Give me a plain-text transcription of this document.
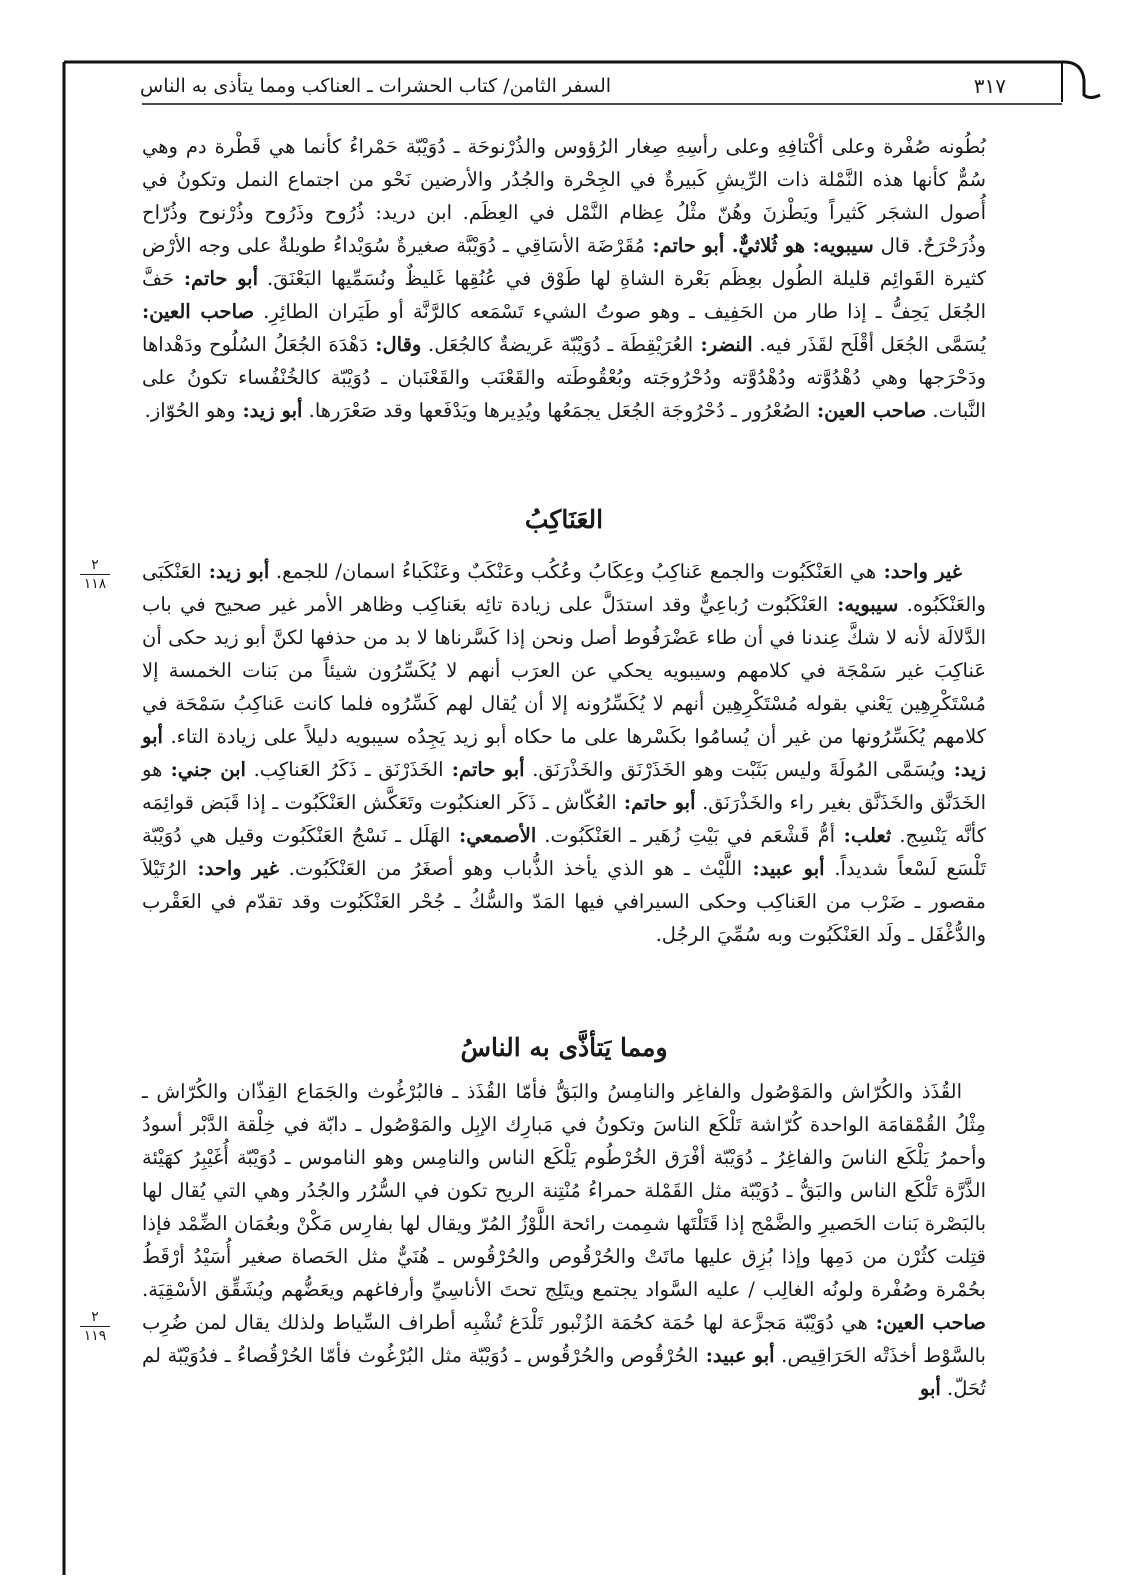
٣١٧
السفر الثامن/ كتاب الحشرات ـ العناكب ومما يتأذى به الناس

بُطُونه صُفْرة وعلى أكْتافِهِ وعلى رأسِهِ صِغار الرُؤوس والذُرْنوحَة ـ دُوَيْبّة حَمْراءُ كأنما هي قَطْرة دم وهي سُمٌّ كأنها هذه النَّمْلة ذات الرِّيشِ كَبيرةٌ في الجِحْرة والجُدُر والأرضين نَحْو من اجتماع النمل وتكونُ في أُصول الشجَر كَثيراً ويَطْزنَ وهُنّ مثْلُ عِظام النَّمْل في العِظَم. ابن دريد: ذُرُوح وذَرُوح وذُرْنوح وذُرّاح وذُرَحْرَحٌ. قال سيبويه: هو ثُلاثيٌّ. أبو حاتم: مُقَرْضَة الأسَاقِي ـ دُوَيْبَّة صغيرةٌ سُوَيْداءُ طويلةٌ على وجه الأرْض كثيرة القَوائِم قليلة الطُول بعِظَم بَعْرة الشاةِ لها طَوْق في عُنُقِها غَليظٌ ونُسَمِّيها البَعْنَقَ. أبو حاتم: حَفَّ الجُعَل يَحِفُّ ـ إذا طار من الحَفِيف ـ وهو صوتُ الشيء تَسْمَعه كالرَّنَّة أو طَيَران الطائِرِ. صاحب العين: يُسَمَّى الجُعَل أقْلَح لقَذَر فيه. النضر: العُرَيْقِطَة ـ دُوَيْبّة عَريضةٌ كالجُعَل. وقال: دَهْدَهَ الجُعَلُ السُلُوح ودَهْداها ودَحْرَجها وهي دُهْدُوَّته ودُهْدُوَّته ودُحْرُوجَته وبُعْقُوطَته والقَعْنَب والقَعْنَبان ـ دُوَيْبّة كالخُنْفُساء تكونُ على النَّبات. صاحب العين: الصُعْرُور ـ دُحْرُوجَة الجُعَل يجمَعُها ويُدِيرها ويَدْفَعها وقد صَعْرَرها. أبو زيد: وهو الحُوّاز.

العَنَاكِبُ
٢
١١٨

غير واحد: هي العَنْكَبُوت والجمع عَناكِبُ وعِكَابُ وعُكُب وعَنْكَبٌ وعَنْكَباءُ اسمان/ للجمع. أبو زيد: العَنْكَبَى والعَنْكَبُوه. سيبويه: العَنْكَبُوت رُباعِيٌّ وقد استدَلَّ على زيادة تائِه بعَناكِب وظاهر الأمر غير صحيح في باب الدَّلالَة لأنه لا شكَّ عِندنا في أن طاء عَضْرَفُوط أصل ونحن إذا كَسَّرناها لا بد من حذفها لكنَّ أبو زيد حكى أن عَناكِبَ غير سَمْجَة في كلامهم وسيبويه يحكي عن العرَب أنهم لا يُكَسِّرُون شيئاً من بَنات الخمسة إلا مُسْتَكْرِهِين يَعْني بقوله مُسْتَكْرِهِين أنهم لا يُكَسِّرُونه إلا أن يُقال لهم كَسِّرُوه فلما كانت عَناكِبُ سَمْحَة في كلامهم يُكَسِّرُونها من غير أن يُسامُوا بكَسْرها على ما حكاه أبو زيد يَجِدُه سيبويه دليلاً على زيادة التاء. أبو زيد: ويُسَمَّى المُولَةَ وليس بَثَبْت وهو الخَذَرْنَق والخَذْرَنَق. أبو حاتم: الخَذَرْنَق ـ ذَكَرُ العَناكِب. ابن جني: هو الخَدَنَّق والخَذَنَّق بغير راء والخَذْرَنَق. أبو حاتم: العُكّاش ـ ذَكَر العنكبُوت وتَعَكَّش العَنْكَبُوت ـ إذا قَبَض قوائِمَه كأنَّه يَنْسِج. ثعلب: أمُّ قَشْعَم في بَيْتِ زُهَير ـ العَنْكَبُوت. الأصمعي: الهَلَل ـ نَسْجُ العَنْكَبُوت وقيل هي دُوَيْبّة تَلْسَع لَسْعاً شديداً. أبو عبيد: اللَّيْث ـ هو الذي يأخذ الذُّباب وهو أصغَرُ من العَنْكَبُوت. غير واحد: الرُتَيْلاَ مقصور ـ ضَرْب من العَناكِب وحكى السيرافي فيها المَدّ والسُّكُ ـ جُحْر العَنْكَبُوت وقد تقدّم في العَقْرب والدُّغْفَل ـ ولَد العَنْكَبُوت وبه سُمِّيَ الرجُل.

ومما يَتأذَّى به الناسُ
٢
١١٩

القُذَذ والكُرّاش والمَوْصُول والفاغِر والنامِسُ والبَقُّ فأمّا القُذَذ ـ فالبُرْغُوث والجَمَاع القِذّان والكُرّاش ـ مِثْلُ القُمْقامَة الواحدة كُرّاشة تَلْكَع الناسَ وتكونُ في مَبارِك الإبِل والمَوْصُول ـ دابّة في خِلْقة الدَّبْر أسودُ وأحمرُ يَلْكَع الناسَ والفاغِرُ ـ دُوَيْبّة أفْرَق الخُرْطُوم يَلْكَع الناس والنامِس وهو الناموس ـ دُوَيْبّة أُغَيْبِرُ كهَيْئة الذَّرَّة تَلْكَع الناس والبَقُّ ـ دُوَيْبّة مثل القَمْلة حمراءُ مُنْتِنة الريح تكون في السُّرُر والجُدُر وهي التي يُقال لها بالبَصْرة بَنات الحَصيرِ والضَّمْج إذا قَتَلْتَها شمِمت رائحة اللَّوْزُ المُرّ ويقال لها بفارِس مَكْنْ وبعُمَان الضِّمْد فإذا قتِلت كثُرْن من دَمِها وإذا بُزِق عليها ماتَتْ والحُرْقُوص والحُرْقُوس ـ هُنَيٌّ مثل الحَصاة صغير أُسَيْدُ أرْقَطُ بحُمْرة وصُفْرة ولونُه الغالِب / عليه السَّواد يجتمع ويتَلِج تحتَ الأناسِيِّ وأرفاغهم ويعَضُّهم ويُشَقِّق الأسْقِيَة. صاحب العين: هي دُوَيْبّة مَجزَّعة لها حُمَة كحُمَة الزُنْبور تَلْدَغ تُشْبِه أطراف السِّياط ولذلك يقال لمن ضُرِب بالسَّوْط أخذَتْه الحَرَاقِيص. أبو عبيد: الحُرْقُوص والحُرْقُوس ـ دُوَيْبّة مثل البُرْغُوث فأمّا الحُرْقُصاءُ ـ فدُوَيْبّة لم تُحَلّ. أبو
